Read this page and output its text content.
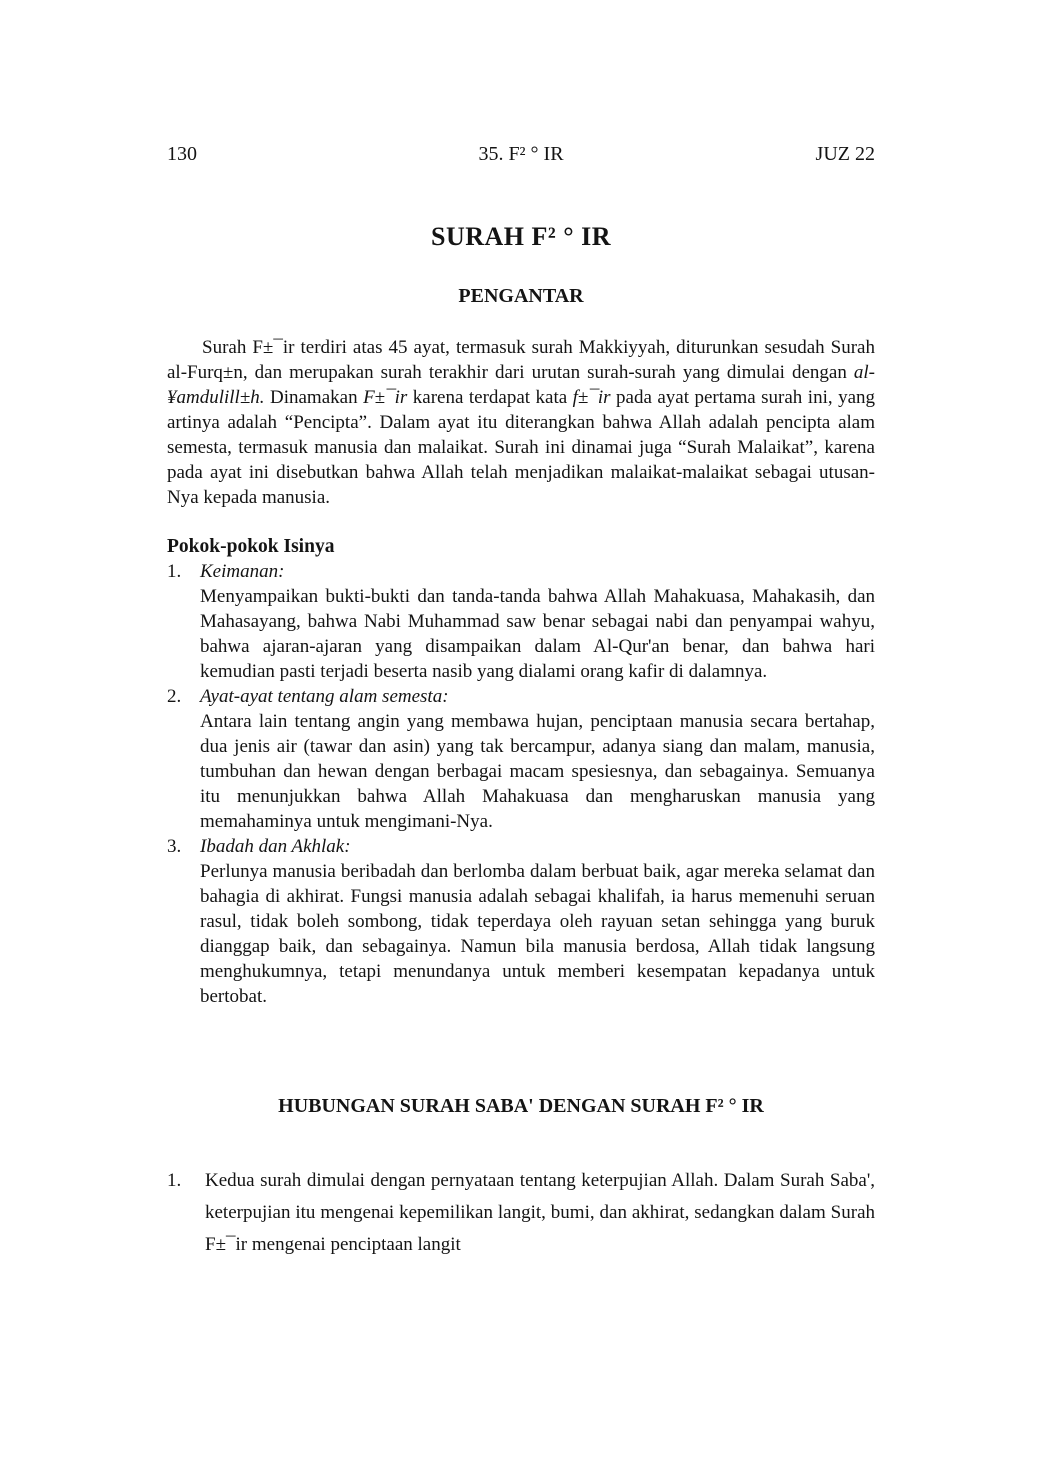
130	35. F² ° IR	JUZ 22
SURAH F² ° IR
PENGANTAR

Surah F±¯ir terdiri atas 45 ayat, termasuk surah Makkiyyah, diturunkan sesudah Surah al-Furq±n, dan merupakan surah terakhir dari urutan surah-surah yang dimulai dengan al-¥amdulill±h. Dinamakan F±¯ir karena terdapat kata f±¯ir pada ayat pertama surah ini, yang artinya adalah “Pencipta”. Dalam ayat itu diterangkan bahwa Allah adalah pencipta alam semesta, termasuk manusia dan malaikat. Surah ini dinamai juga “Surah Malaikat”, karena pada ayat ini disebutkan bahwa Allah telah menjadikan malaikat-malaikat sebagai utusan-Nya kepada manusia.

Pokok-pokok Isinya
1. Keimanan:
Menyampaikan bukti-bukti dan tanda-tanda bahwa Allah Mahakuasa, Mahakasih, dan Mahasayang, bahwa Nabi Muhammad saw benar sebagai nabi dan penyampai wahyu, bahwa ajaran-ajaran yang disampaikan dalam Al-Qur'an benar, dan bahwa hari kemudian pasti terjadi beserta nasib yang dialami orang kafir di dalamnya.
2. Ayat-ayat tentang alam semesta:
Antara lain tentang angin yang membawa hujan, penciptaan manusia secara bertahap, dua jenis air (tawar dan asin) yang tak bercampur, adanya siang dan malam, manusia, tumbuhan dan hewan dengan berbagai macam spesiesnya, dan sebagainya. Semuanya itu menunjukkan bahwa Allah Mahakuasa dan mengharuskan manusia yang memahaminya untuk mengimani-Nya.
3. Ibadah dan Akhlak:
Perlunya manusia beribadah dan berlomba dalam berbuat baik, agar mereka selamat dan bahagia di akhirat. Fungsi manusia adalah sebagai khalifah, ia harus memenuhi seruan rasul, tidak boleh sombong, tidak teperdaya oleh rayuan setan sehingga yang buruk dianggap baik, dan sebagainya. Namun bila manusia berdosa, Allah tidak langsung menghukumnya, tetapi menundanya untuk memberi kesempatan kepadanya untuk bertobat.
HUBUNGAN SURAH SABA' DENGAN SURAH F² ° IR
1.	Kedua surah dimulai dengan pernyataan tentang keterpujian Allah. Dalam Surah Saba', keterpujian itu mengenai kepemilikan langit, bumi, dan akhirat, sedangkan dalam Surah F±¯ir mengenai penciptaan langit
